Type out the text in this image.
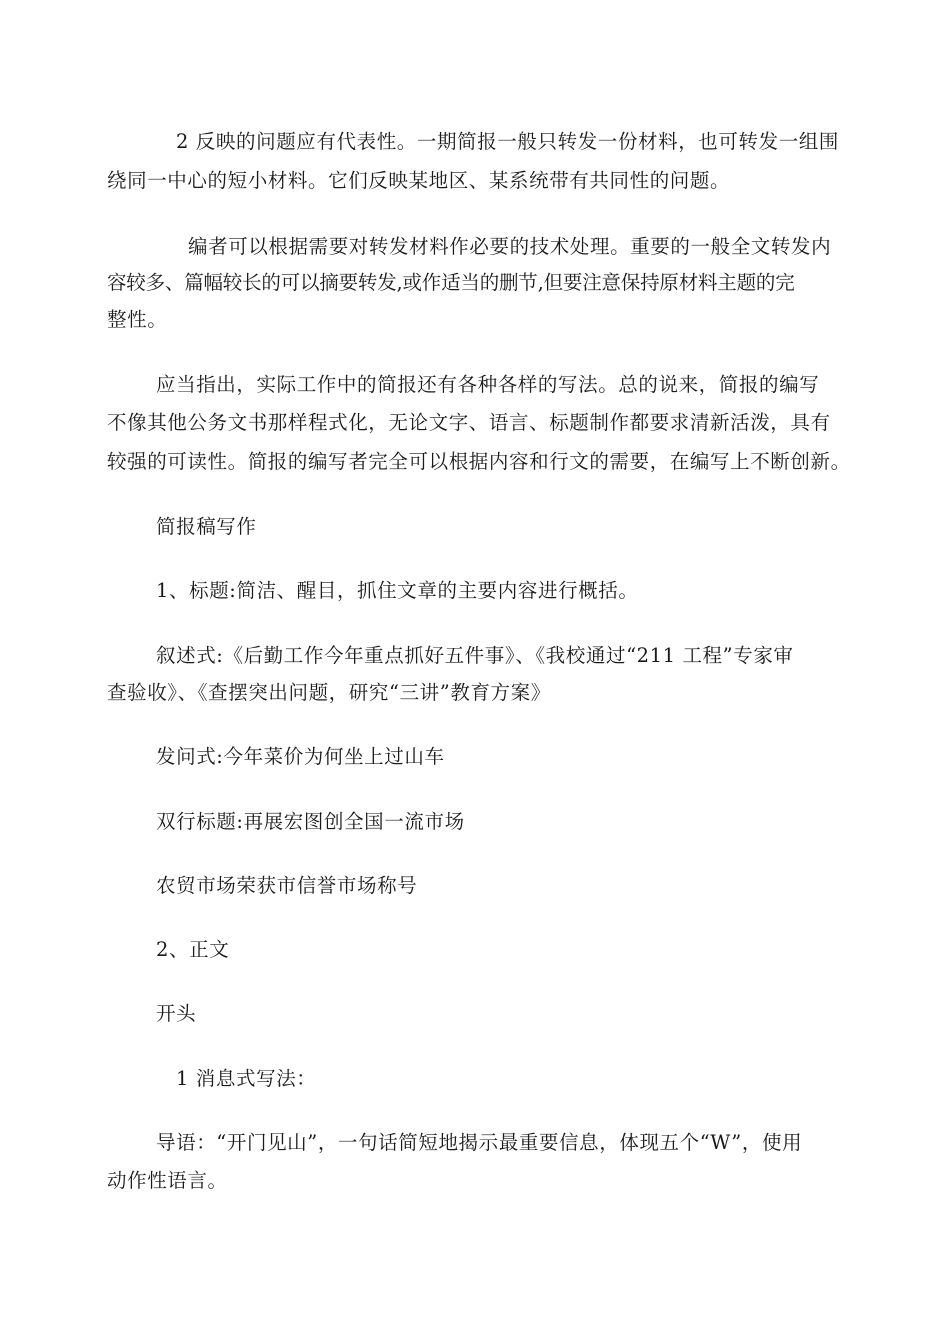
2 反映的问题应有代表性。一期简报一般只转发一份材料，也可转发一组围
绕同一中心的短小材料。它们反映某地区、某系统带有共同性的问题。
编者可以根据需要对转发材料作必要的技术处理。重要的一般全文转发内
容较多、篇幅较长的可以摘要转发,或作适当的删节,但要注意保持原材料主题的完
整性。
应当指出，实际工作中的简报还有各种各样的写法。总的说来，简报的编写
不像其他公务文书那样程式化，无论文字、语言、标题制作都要求清新活泼，具有
较强的可读性。简报的编写者完全可以根据内容和行文的需要，在编写上不断创新。
简报稿写作
1、标题:简洁、醒目，抓住文章的主要内容进行概括。
叙述式:《后勤工作今年重点抓好五件事》、《我校通过“211 工程”专家审
查验收》、《查摆突出问题，研究“三讲”教育方案》
发问式:今年菜价为何坐上过山车
双行标题:再展宏图创全国一流市场
农贸市场荣获市信誉市场称号
2、正文
开头
1 消息式写法：
导语：“开门见山”，一句话简短地揭示最重要信息，体现五个“W”，使用
动作性语言。
